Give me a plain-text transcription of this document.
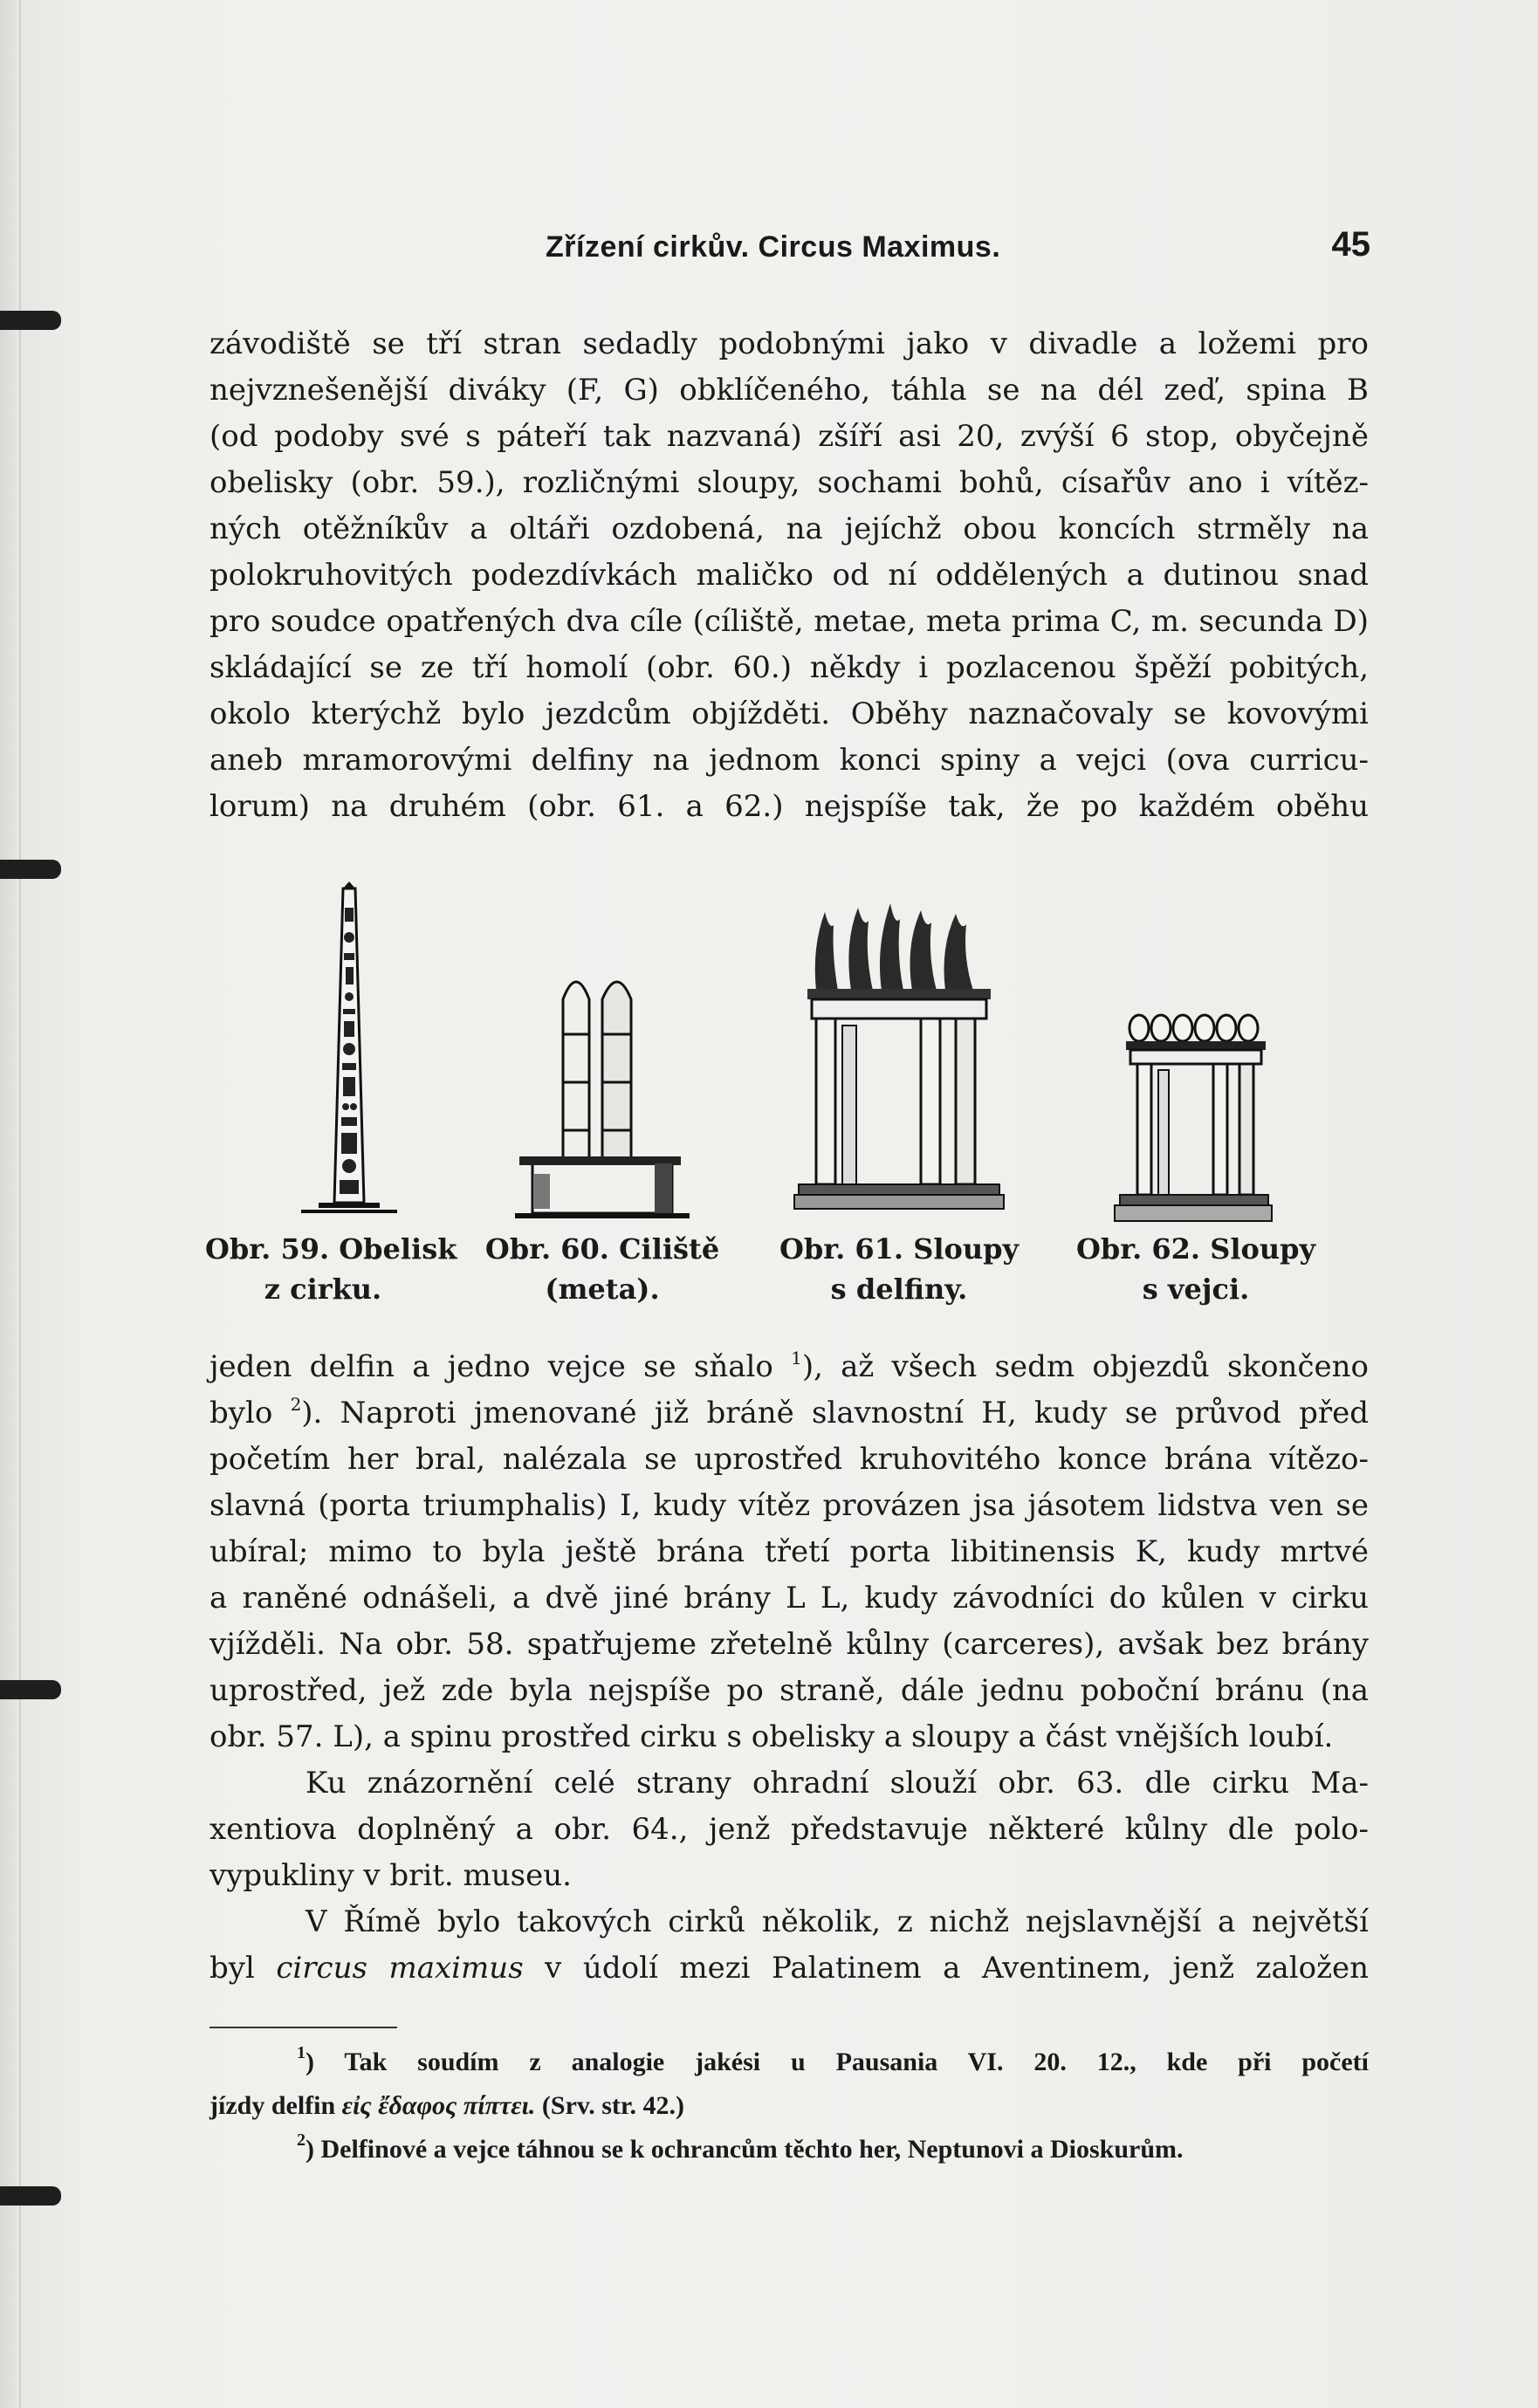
Zřízení cirkův. Circus Maximus.	45

závodiště se tří stran sedadly podobnými jako v divadle a ložemi pro

nejvznešenější diváky (F, G) obklíčeného, táhla se na dél zeď, spina B

(od podoby své s páteří tak nazvaná) zšíří asi 20, zvýší 6 stop, obyčejně

obelisky (obr. 59.), rozličnými sloupy, sochami bohů, císařův ano i vítěz-

ných otěžníkův a oltáři ozdobená, na jejíchž obou koncích strměly na

polokruhovitých podezdívkách maličko od ní oddělených a dutinou snad

pro soudce opatřených dva cíle (cíliště, metae, meta prima C, m. secunda D)

skládající se ze tří homolí (obr. 60.) někdy i pozlacenou špěží pobitých,

okolo kterýchž bylo jezdcům objížděti. Oběhy naznačovaly se kovovými

aneb mramorovými delfiny na jednom konci spiny a vejci (ova curricu-

lorum) na druhém (obr. 61. a 62.) nejspíše tak, že po každém oběhu

Obr. 59. Obelisk
z cirku.
Obr. 60. Ciliště
(meta).
Obr. 61. Sloupy
s delfiny.
Obr. 62. Sloupy
s vejci.

jeden delfin a jedno vejce se sňalo $^1$), až všech sedm objezdů skončeno

bylo $^2$). Naproti jmenované již bráně slavnostní H, kudy se průvod před

početím her bral, nalézala se uprostřed kruhovitého konce brána vítězo-

slavná (porta triumphalis) I, kudy vítěz provázen jsa jásotem lidstva ven se

ubíral; mimo to byla ještě brána třetí porta libitinensis K, kudy mrtvé

a raněné odnášeli, a dvě jiné brány L L, kudy závodníci do kůlen v cirku

vjížděli. Na obr. 58. spatřujeme zřetelně kůlny (carceres), avšak bez brány

uprostřed, jež zde byla nejspíše po straně, dále jednu poboční bránu (na

obr. 57. L), a spinu prostřed cirku s obelisky a sloupy a část vnějších loubí.

Ku znázornění celé strany ohradní slouží obr. 63. dle cirku Ma-

xentiova doplněný a obr. 64., jenž představuje některé kůlny dle polo-

vypukliny v brit. museu.

V Římě bylo takových cirků několik, z nichž nejslavnější a největší

byl circus maximus v údolí mezi Palatinem a Aventinem, jenž založen

$^1$) Tak soudím z analogie jakési u Pausania VI. 20. 12., kde při početí

jízdy delfin εἰς ἔδαφος πίπτει. (Srv. str. 42.)

$^2$) Delfinové a vejce táhnou se k ochrancům těchto her, Neptunovi a Dioskurům.
